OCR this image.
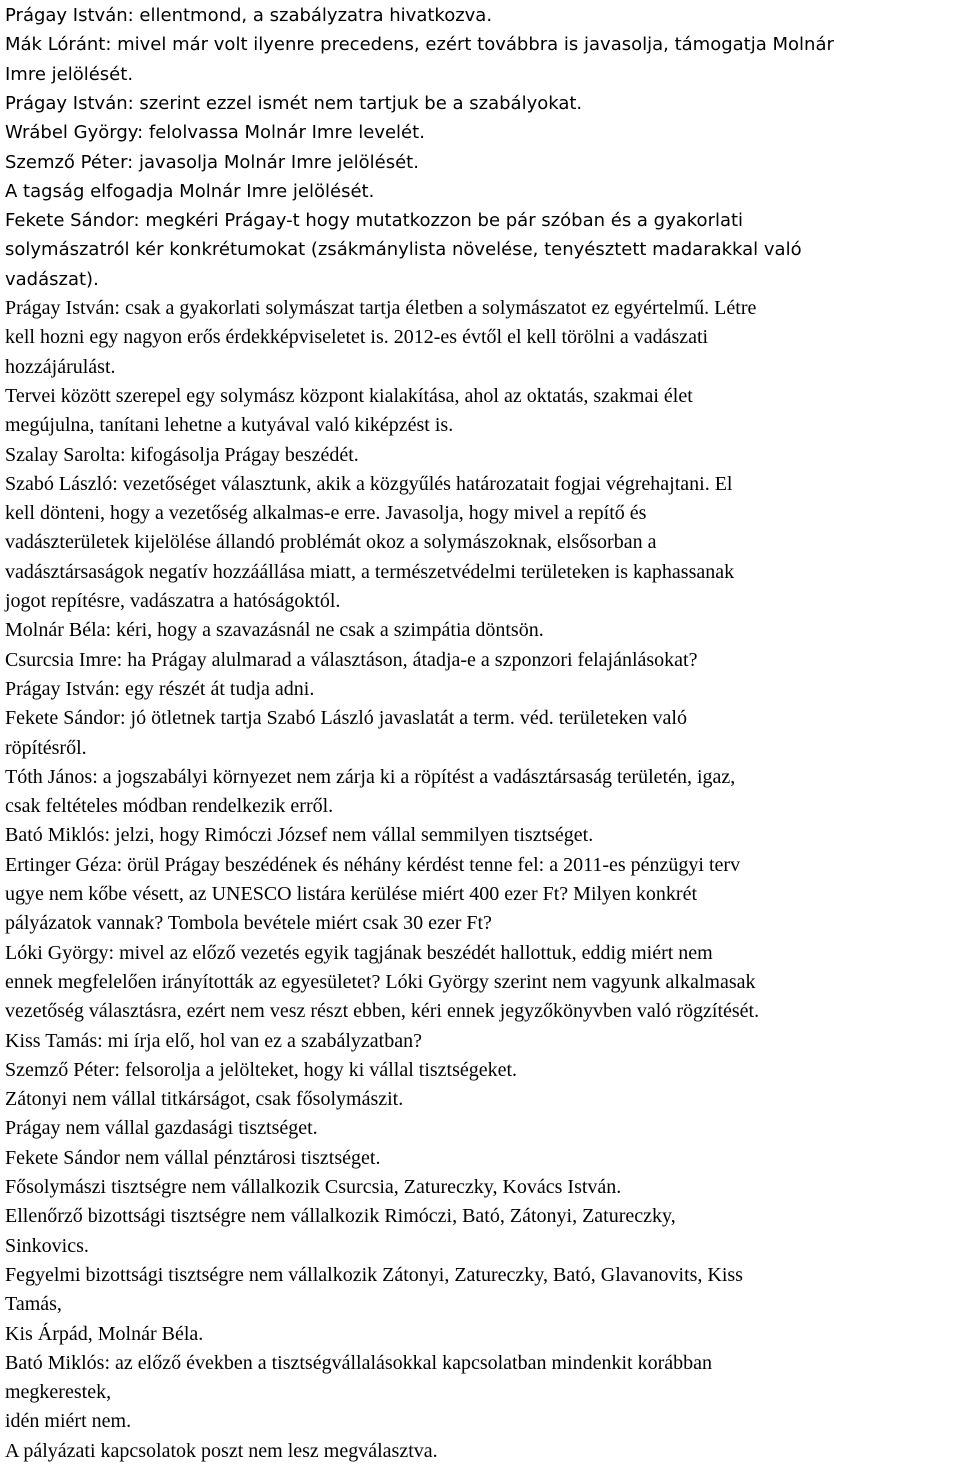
Prágay István: ellentmond, a szabályzatra hivatkozva.
Mák Lóránt: mivel már volt ilyenre precedens, ezért továbbra is javasolja, támogatja Molnár
Imre jelölését.
Prágay István: szerint ezzel ismét nem tartjuk be a szabályokat.
Wrábel György: felolvassa Molnár Imre levelét.
Szemző Péter: javasolja Molnár Imre jelölését.
A tagság elfogadja Molnár Imre jelölését.
Fekete Sándor: megkéri Prágay-t hogy mutatkozzon be pár szóban és a gyakorlati
solymászatról kér konkrétumokat (zsákmánylista növelése, tenyésztett madarakkal való
vadászat).
Prágay István: csak a gyakorlati solymászat tartja életben a solymászatot ez egyértelmű. Létre
kell hozni egy nagyon erős érdekképviseletet is. 2012-es évtől el kell törölni a vadászati
hozzájárulást.
Tervei között szerepel egy solymász központ kialakítása, ahol az oktatás, szakmai élet
megújulna, tanítani lehetne a kutyával való kiképzést is.
Szalay Sarolta: kifogásolja Prágay beszédét.
Szabó László: vezetőséget választunk, akik a közgyűlés határozatait fogjai végrehajtani. El
kell dönteni, hogy a vezetőség alkalmas-e erre. Javasolja, hogy mivel a repítő és
vadászterületek kijelölése állandó problémát okoz a solymászoknak, elsősorban a
vadásztársaságok negatív hozzáállása miatt, a természetvédelmi területeken is kaphassanak
jogot repítésre, vadászatra a hatóságoktól.
Molnár Béla: kéri, hogy a szavazásnál ne csak a szimpátia döntsön.
Csurcsia Imre: ha Prágay alulmarad a választáson, átadja-e a szponzori felajánlásokat?
Prágay István: egy részét át tudja adni.
Fekete Sándor: jó ötletnek tartja Szabó László javaslatát a term. véd. területeken való
röpítésről.
Tóth János: a jogszabályi környezet nem zárja ki a röpítést a vadásztársaság területén, igaz,
csak feltételes módban rendelkezik erről.
Bató Miklós: jelzi, hogy Rimóczi József nem vállal semmilyen tisztséget.
Ertinger Géza: örül Prágay beszédének és néhány kérdést tenne fel: a 2011-es pénzügyi terv
ugye nem kőbe vésett, az UNESCO listára kerülése miért 400 ezer Ft? Milyen konkrét
pályázatok vannak? Tombola bevétele miért csak 30 ezer Ft?
Lóki György: mivel az előző vezetés egyik tagjának beszédét hallottuk, eddig miért nem
ennek megfelelően irányították az egyesületet? Lóki György szerint nem vagyunk alkalmasak
vezetőség választásra, ezért nem vesz részt ebben, kéri ennek jegyzőkönyvben való rögzítését.
Kiss Tamás: mi írja elő, hol van ez a szabályzatban?
Szemző Péter: felsorolja a jelölteket, hogy ki vállal tisztségeket.
Zátonyi nem vállal titkárságot, csak fősolymászit.
Prágay nem vállal gazdasági tisztséget.
Fekete Sándor nem vállal pénztárosi tisztséget.
Fősolymászi tisztségre nem vállalkozik Csurcsia, Zatureczky, Kovács István.
Ellenőrző bizottsági tisztségre nem vállalkozik Rimóczi, Bató, Zátonyi, Zatureczky,
Sinkovics.
Fegyelmi bizottsági tisztségre nem vállalkozik Zátonyi, Zatureczky, Bató, Glavanovits, Kiss
Tamás,
Kis Árpád, Molnár Béla.
Bató Miklós: az előző években a tisztségvállalásokkal kapcsolatban mindenkit korábban
megkerestek,
idén miért nem.
A pályázati kapcsolatok poszt nem lesz megválasztva.
